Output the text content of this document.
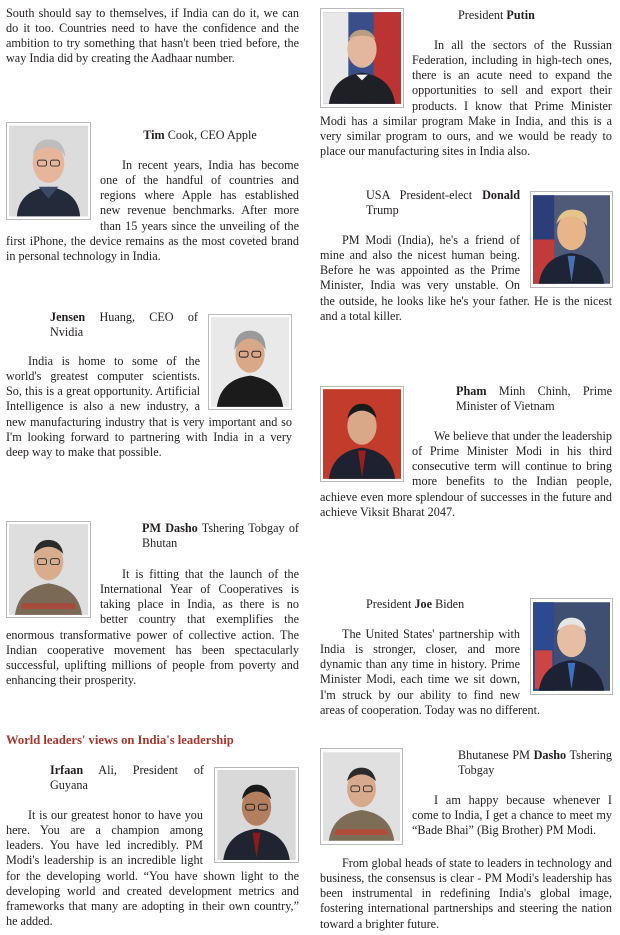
South should say to themselves, if India can do it, we can do it too. Countries need to have the confidence and the ambition to try something that hasn't been tried before, the way India did by creating the Aadhaar number.

Tim Cook, CEO Apple

In recent years, India has become one of the handful of countries and regions where Apple has established new revenue benchmarks. After more than 15 years since the unveiling of the first iPhone, the device remains as the most coveted brand in personal technology in India.

Jensen Huang, CEO of Nvidia

India is home to some of the world's greatest computer scientists. So, this is a great opportunity. Artificial Intelligence is also a new industry, a new manufacturing industry that is very important and so I'm looking forward to partnering with India in a very deep way to make that possible.

PM Dasho Tshering Tobgay of Bhutan

It is fitting that the launch of the International Year of Cooperatives is taking place in India, as there is no better country that exemplifies the enormous transformative power of collective action. The Indian cooperative movement has been spectacularly successful, uplifting millions of people from poverty and enhancing their prosperity.

World leaders' views on India's leadership

Irfaan Ali, President of Guyana

It is our greatest honor to have you here. You are a champion among leaders. You have led incredibly. PM Modi's leadership is an incredible light for the developing world. “You have shown light to the developing world and created development metrics and frameworks that many are adopting in their own country,” he added.

President Putin

In all the sectors of the Russian Federation, including in high-tech ones, there is an acute need to expand the opportunities to sell and export their products. I know that Prime Minister Modi has a similar program Make in India, and this is a very similar program to ours, and we would be ready to place our manufacturing sites in India also.

USA President-elect Donald Trump

PM Modi (India), he's a friend of mine and also the nicest human being. Before he was appointed as the Prime Minister, India was very unstable. On the outside, he looks like he's your father. He is the nicest and a total killer.

Pham Minh Chinh, Prime Minister of Vietnam

We believe that under the leadership of Prime Minister Modi in his third consecutive term will continue to bring more benefits to the Indian people, achieve even more splendour of successes in the future and achieve Viksit Bharat 2047.

President Joe Biden

The United States' partnership with India is stronger, closer, and more dynamic than any time in history. Prime Minister Modi, each time we sit down, I'm struck by our ability to find new areas of cooperation. Today was no different.

Bhutanese PM Dasho Tshering Tobgay

I am happy because whenever I come to India, I get a chance to meet my “Bade Bhai” (Big Brother) PM Modi.

From global heads of state to leaders in technology and business, the consensus is clear - PM Modi's leadership has been instrumental in redefining India's global image, fostering international partnerships and steering the nation toward a brighter future.
